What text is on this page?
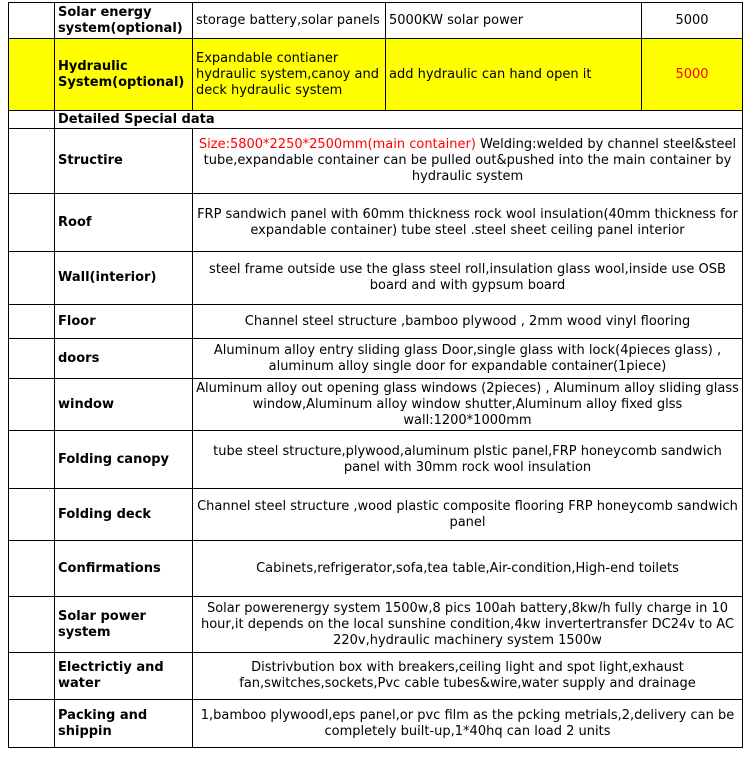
	Solar energy system(optional)	storage battery,solar panels	5000KW solar power	5000
	Hydraulic System(optional)	Expandable contianer hydraulic system,canoy and deck hydraulic system	add hydraulic can hand open it	5000
	Detailed Special data			
	Structire	Size:5800*2250*2500mm(main container) Welding:welded by channel steel&steel tube,expandable container can be pulled out&pushed into the main container by hydraulic system		
	Roof	FRP sandwich panel with 60mm thickness rock wool insulation(40mm thickness for expandable container) tube steel .steel sheet ceiling panel interior		
	Wall(interior)	steel frame outside use the glass steel roll,insulation glass wool,inside use OSB board and with gypsum board		
	Floor	Channel steel structure ,bamboo plywood , 2mm wood vinyl flooring		
	doors	Aluminum alloy entry sliding glass Door,single glass with lock(4pieces glass) , aluminum alloy single door for expandable container(1piece)		
	window	Aluminum alloy out opening glass windows (2pieces) , Aluminum alloy sliding glass window,Aluminum alloy window shutter,Aluminum alloy fixed glss wall:1200*1000mm		
	Folding canopy	tube steel structure,plywood,aluminum plstic panel,FRP honeycomb sandwich panel with 30mm rock wool insulation		
	Folding deck	Channel steel structure ,wood plastic composite flooring FRP honeycomb sandwich panel		
	Confirmations	Cabinets,refrigerator,sofa,tea table,Air-condition,High-end toilets		
	Solar power system	Solar powerenergy system 1500w,8 pics 100ah battery,8kw/h fully charge in 10 hour,it depends on the local sunshine condition,4kw invertertransfer DC24v to AC 220v,hydraulic machinery system 1500w		
	Electrictiy and water	Distrivbution box with breakers,ceiling light and spot light,exhaust fan,switches,sockets,Pvc cable tubes&wire,water supply and drainage		
	Packing and shippin	1,bamboo plywoodl,eps panel,or pvc film as the pcking metrials,2,delivery can be completely built-up,1*40hq can load 2 units		
